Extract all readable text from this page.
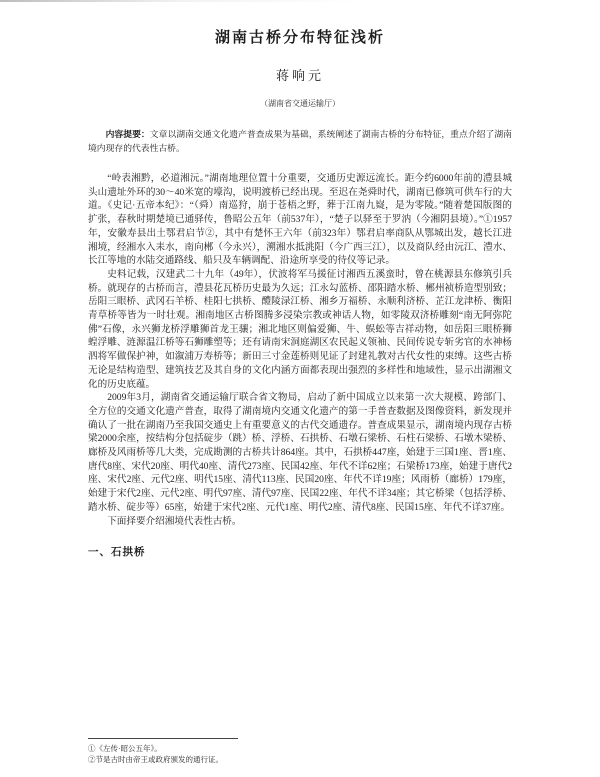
湖南古桥分布特征浅析
蒋响元
（湖南省交通运输厅）

内容提要：文章以湖南交通文化遗产普查成果为基础，系统阐述了湖南古桥的分布特征，重点介绍了湖南境内现存的代表性古桥。

“岭表湘黔，必道湘沅。”湖南地理位置十分重要，交通历史源远流长。距今约6000年前的澧县城头山遗址外环的30～40米宽的壕沟，说明渡桥已经出现。至迟在尧舜时代，湖南已修筑可供车行的大道。《史记·五帝本纪》：“（舜）南巡狩，崩于苍梧之野，葬于江南九嶷，是为零陵。”随着楚国版图的扩张，春秋时期楚境已通驿传，鲁昭公五年（前537年），“楚子以驿至于罗汭（今湘阴县境）。”①1957年，安徽寿县出土鄂君启节②，其中有楚怀王六年（前323年）鄂君启率商队从鄂城出发，越长江进湘境，经湘水入耒水，南向郴（今永兴），溯湘水抵洮阳（今广西三江），以及商队经由沅江、澧水、长江等地的水陆交通路线、船只及车辆调配、沿途所享受的待仪等记录。

史料记载，汉建武二十九年（49年），伏波将军马援征讨湘西五溪蛮时，曾在桃源县东修筑引兵桥。就现存的古桥而言，澧县花瓦桥历史最为久远；江永勾蓝桥、邵阳踏水桥、郴州祯桥造型别致；岳阳三眼桥、武冈石羊桥、桂阳七拱桥、醴陵渌江桥、湘乡万福桥、永顺利济桥、芷江龙津桥、衡阳青草桥等皆为一时壮观。湘南地区古桥图腾多浸染宗教或神话人物，如零陵双济桥雕刻“南无阿弥陀佛”石像，永兴狮龙桥浮雕狮首龙王骧；湘北地区则偏爱狮、牛、蜈蚣等吉祥动物，如岳阳三眼桥狮蝗浮雕、涟源温江桥等石狮雕塑等；还有请南宋洞庭湖区农民起义领袖、民间传说专斩劣官的水神杨泗将军做保护神，如溆浦万寿桥等；新田三寸金莲桥则见证了封建礼教对古代女性的束缚。这些古桥无论是结构造型、建筑技艺及其自身的文化内涵方面都表现出强烈的多样性和地域性，显示出湖湘文化的历史底蕴。

2009年3月，湖南省交通运输厅联合省文物局，启动了新中国成立以来第一次大规模、跨部门、全方位的交通文化遗产普查，取得了湖南境内交通文化遗产的第一手普查数据及图像资料，新发现并确认了一批在湖南乃至我国交通史上有重要意义的古代交通遗存。普查成果显示，湖南境内现存古桥梁2000余座，按结构分包括碇步（跳）桥、浮桥、石拱桥、石墩石梁桥、石柱石梁桥、石墩木梁桥、廊桥及风雨桥等几大类，完成勘测的古桥共计864座。其中，石拱桥447座，始建于三国1座、晋1座、唐代8座、宋代20座、明代40座、清代273座、民国42座、年代不详62座；石梁桥173座，始建于唐代2座、宋代2座、元代2座、明代15座、清代113座、民国20座、年代不详19座；风雨桥（廊桥）179座，始建于宋代2座、元代2座、明代97座、清代97座、民国22座、年代不详34座；其它桥梁（包括浮桥、踏水桥、碇步等）65座，始建于宋代2座、元代1座、明代2座、清代8座、民国15座、年代不详37座。

下面择要介绍湘境代表性古桥。

一、石拱桥

①《左传·昭公五年》。

②节是古时由帝王或政府颁发的通行证。
